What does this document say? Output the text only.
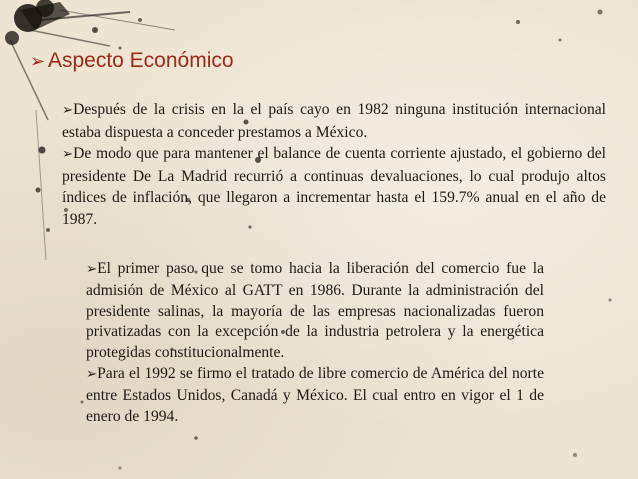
➢ Aspecto Económico

➢Después de la crisis en la el país cayo en 1982 ninguna institución internacional estaba dispuesta a conceder prestamos a México.

➢De modo que para mantener el balance de cuenta corriente ajustado, el gobierno del presidente De La Madrid recurrió a continuas devaluaciones, lo cual produjo altos índices de inflación, que llegaron a incrementar hasta el 159.7% anual en el año de 1987.

➢El primer paso que se tomo hacia la liberación del comercio fue la admisión de México al GATT en 1986. Durante la administración del presidente salinas, la mayoría de las empresas nacionalizadas fueron privatizadas con la excepción de la industria petrolera y la energética protegidas constitucionalmente.

➢Para el 1992 se firmo el tratado de libre comercio de América del norte entre Estados Unidos, Canadá y México. El cual entro en vigor el 1 de enero de 1994.
